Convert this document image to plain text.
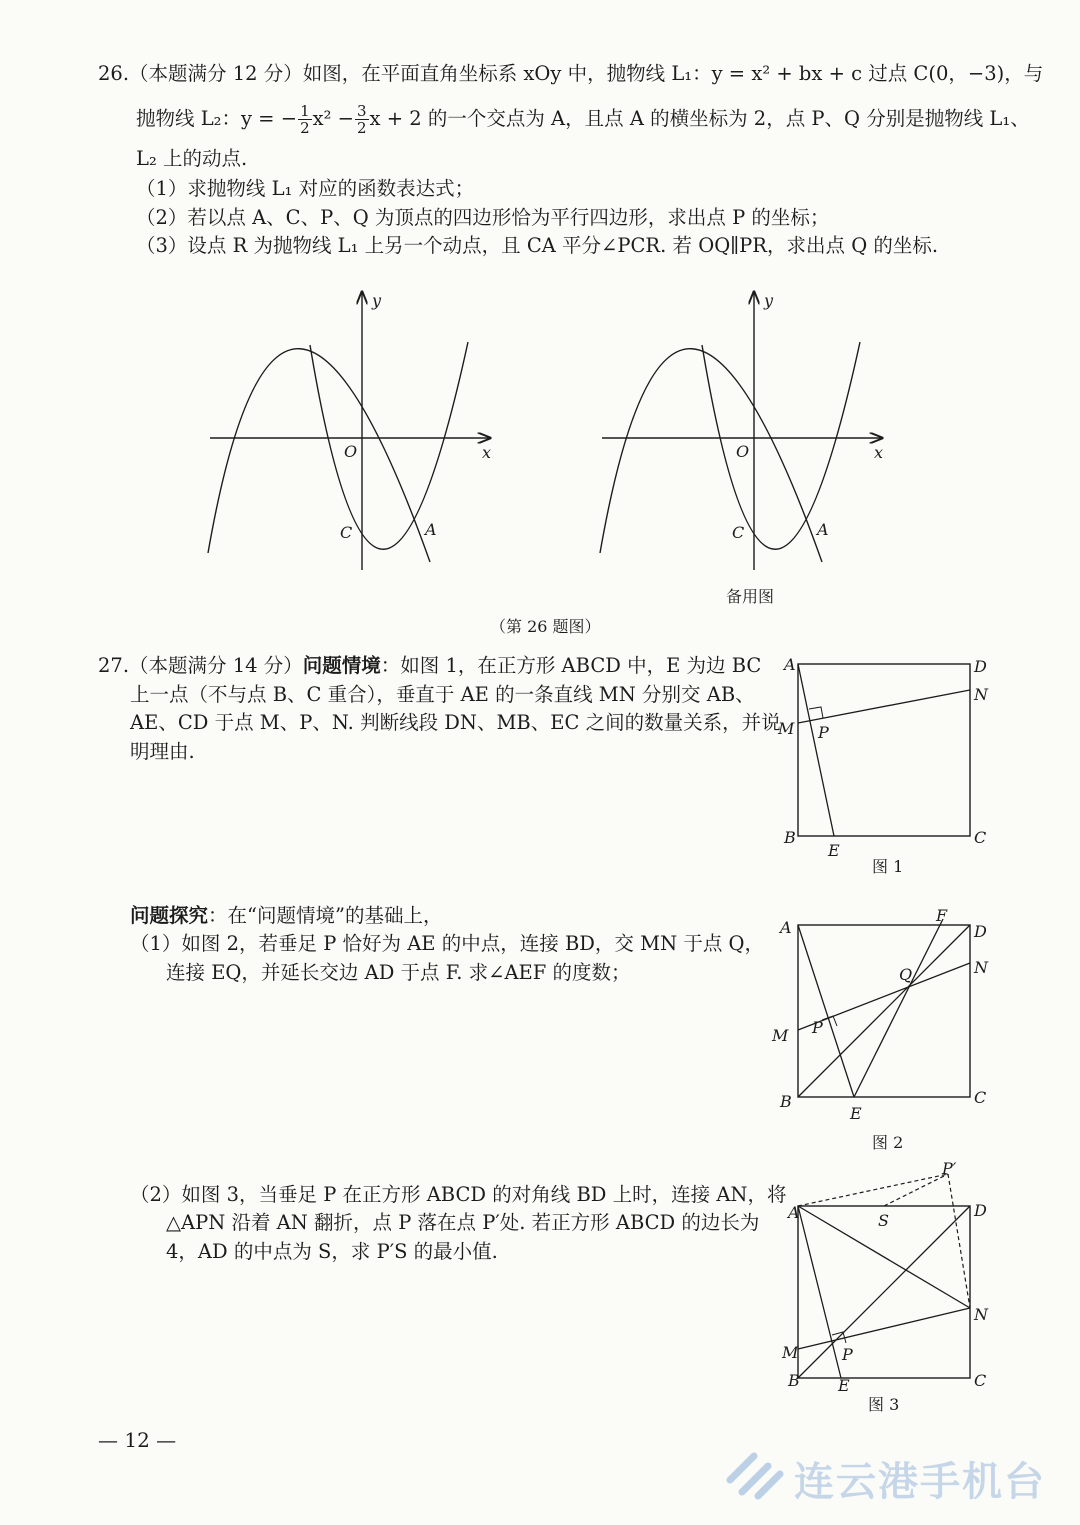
26.（本题满分 12 分）如图，在平面直角坐标系 xOy 中，抛物线 L₁：y = x² + bx + c 过点 C(0，−3)，与
抛物线 L₂：y = − $\frac{1}{2} x^2 - \frac{3}{2}$ x + 2 的一个交点为 A，且点 A 的横坐标为 2，点 P、Q 分别是抛物线 L₁、
L₂ 上的动点.
（1）求抛物线 L₁ 对应的函数表达式；
（2）若以点 A、C、P、Q 为顶点的四边形恰为平行四边形，求出点 P 的坐标；
（3）设点 R 为抛物线 L₁ 上另一个动点，且 CA 平分∠PCR. 若 OQ∥PR，求出点 Q 的坐标.
y
x
O
C	A
y
x
O
C	A
备用图
（第 26 题图）
27.（本题满分 14 分）问题情境：如图 1，在正方形 ABCD 中，E 为边 BC
上一点（不与点 B、C 重合），垂直于 AE 的一条直线 MN 分别交 AB、
AE、CD 于点 M、P、N. 判断线段 DN、MB、EC 之间的数量关系，并说
明理由.
问题探究：在“问题情境”的基础上，
（1）如图 2，若垂足 P 恰好为 AE 的中点，连接 BD，交 MN 于点 Q，
连接 EQ，并延长交边 AD 于点 F. 求∠AEF 的度数；
（2）如图 3，当垂足 P 在正方形 ABCD 的对角线 BD 上时，连接 AN，将
△APN 沿着 AN 翻折，点 P 落在点 P′处. 若正方形 ABCD 的边长为
4，AD 的中点为 S，求 P′S 的最小值.
A	D
N
M P
B	C
E
图 1
A
F
D
N
Q
P
M
B	C
E
图 2
A	S
P′
D
N
P
M
B	C
E
图 3
— 12 —
连云港手机台
